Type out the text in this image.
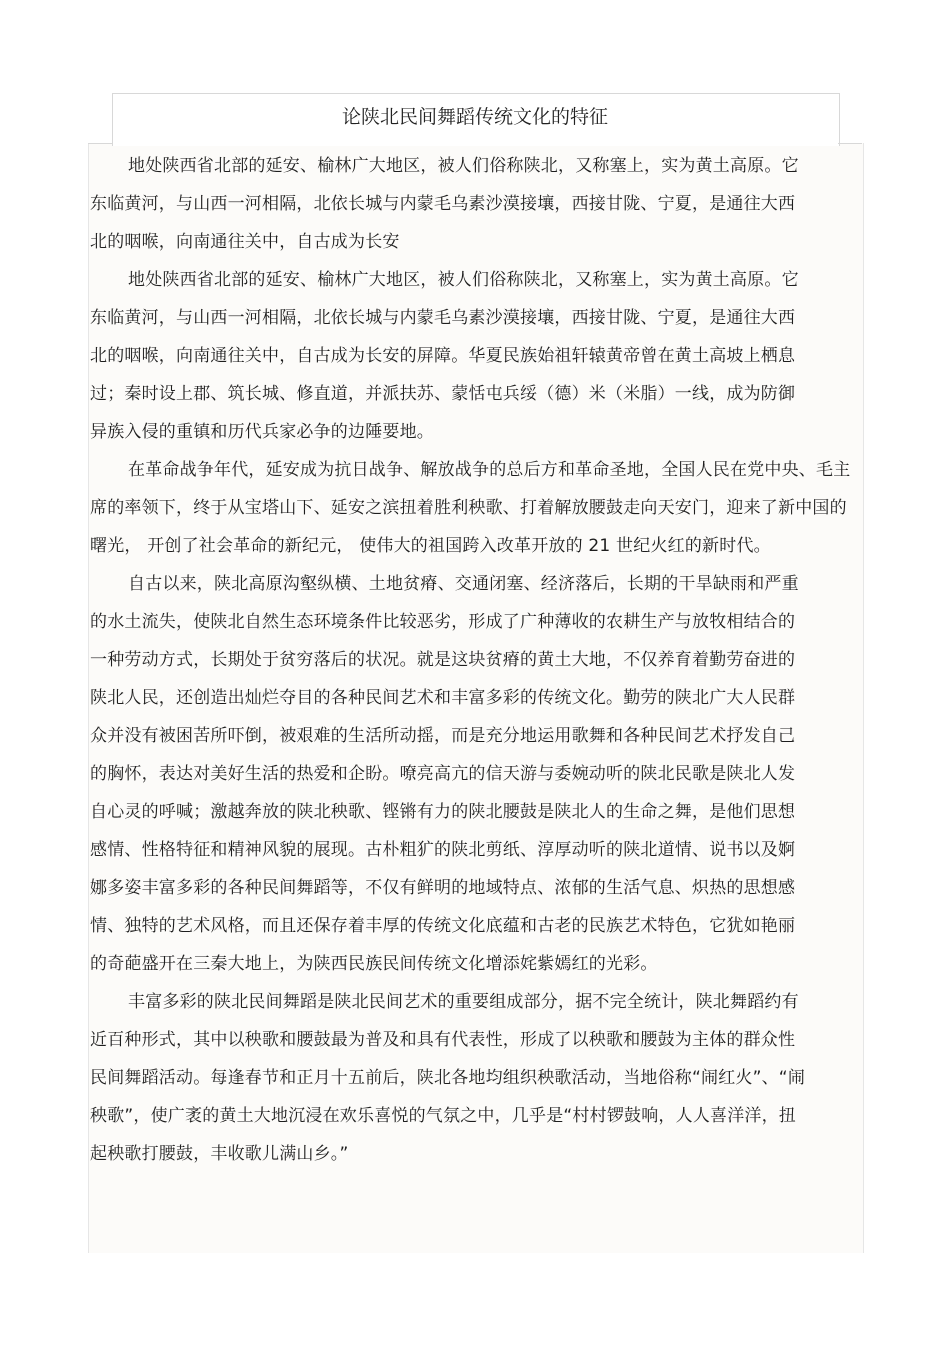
论陕北民间舞蹈传统文化的特征

地处陕西省北部的延安、榆林广大地区，被人们俗称陕北，又称塞上，实为黄土高原。它东临黄河，与山西一河相隔，北依长城与内蒙毛乌素沙漠接壤，西接甘陇、宁夏，是通往大西北的咽喉，向南通往关中，自古成为长安

地处陕西省北部的延安、榆林广大地区，被人们俗称陕北，又称塞上，实为黄土高原。它东临黄河，与山西一河相隔，北依长城与内蒙毛乌素沙漠接壤，西接甘陇、宁夏，是通往大西北的咽喉，向南通往关中，自古成为长安的屏障。华夏民族始祖轩辕黄帝曾在黄土高坡上栖息过；秦时设上郡、筑长城、修直道，并派扶苏、蒙恬屯兵绥（德）米（米脂）一线，成为防御异族入侵的重镇和历代兵家必争的边陲要地。

在革命战争年代，延安成为抗日战争、解放战争的总后方和革命圣地，全国人民在党中央、毛主席的率领下，终于从宝塔山下、延安之滨扭着胜利秧歌、打着解放腰鼓走向天安门，迎来了新中国的曙光， 开创了社会革命的新纪元， 使伟大的祖国跨入改革开放的 21 世纪火红的新时代。

自古以来，陕北高原沟壑纵横、土地贫瘠、交通闭塞、经济落后，长期的干旱缺雨和严重的水土流失，使陕北自然生态环境条件比较恶劣，形成了广种薄收的农耕生产与放牧相结合的一种劳动方式，长期处于贫穷落后的状况。就是这块贫瘠的黄土大地，不仅养育着勤劳奋进的陕北人民，还创造出灿烂夺目的各种民间艺术和丰富多彩的传统文化。勤劳的陕北广大人民群众并没有被困苦所吓倒，被艰难的生活所动摇，而是充分地运用歌舞和各种民间艺术抒发自己的胸怀，表达对美好生活的热爱和企盼。嘹亮高亢的信天游与委婉动听的陕北民歌是陕北人发自心灵的呼喊；激越奔放的陕北秧歌、铿锵有力的陕北腰鼓是陕北人的生命之舞，是他们思想感情、性格特征和精神风貌的展现。古朴粗犷的陕北剪纸、淳厚动听的陕北道情、说书以及婀娜多姿丰富多彩的各种民间舞蹈等，不仅有鲜明的地域特点、浓郁的生活气息、炽热的思想感情、独特的艺术风格，而且还保存着丰厚的传统文化底蕴和古老的民族艺术特色，它犹如艳丽的奇葩盛开在三秦大地上，为陕西民族民间传统文化增添姹紫嫣红的光彩。

丰富多彩的陕北民间舞蹈是陕北民间艺术的重要组成部分，据不完全统计，陕北舞蹈约有近百种形式，其中以秧歌和腰鼓最为普及和具有代表性，形成了以秧歌和腰鼓为主体的群众性民间舞蹈活动。每逢春节和正月十五前后，陕北各地均组织秧歌活动，当地俗称“闹红火”、“闹秧歌”，使广袤的黄土大地沉浸在欢乐喜悦的气氛之中，几乎是“村村锣鼓响，人人喜洋洋，扭起秧歌打腰鼓，丰收歌儿满山乡。”
